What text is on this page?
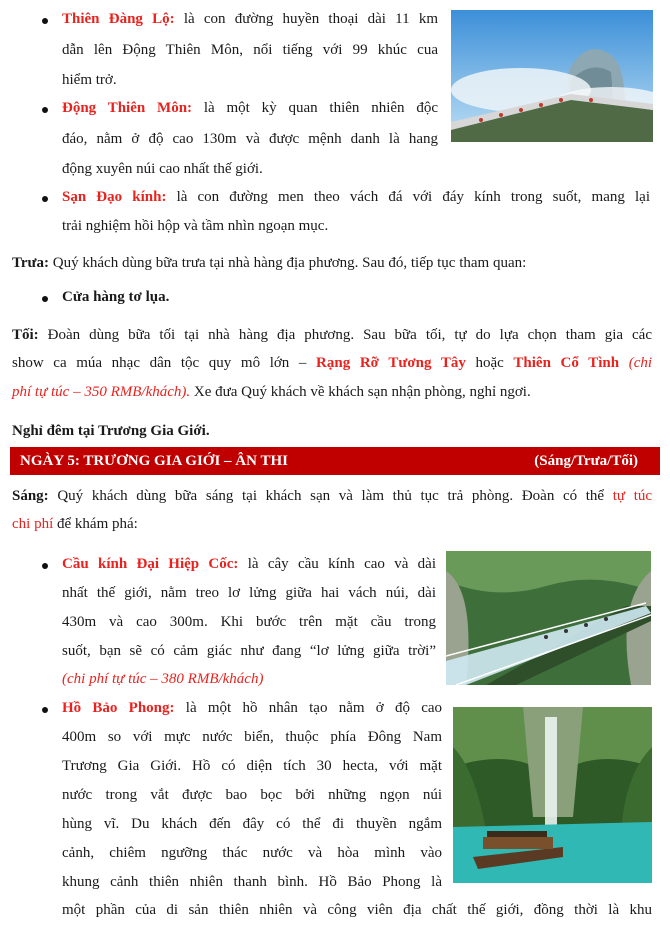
Thiên Đàng Lộ: là con đường huyền thoại dài 11 km
dẫn lên Động Thiên Môn, nổi tiếng với 99 khúc cua
hiểm trở.
Động Thiên Môn: là một kỳ quan thiên nhiên độc
đáo, nằm ở độ cao 130m và được mệnh danh là hang
động xuyên núi cao nhất thế giới.
Sạn Đạo kính: là con đường men theo vách đá với đáy kính trong suốt, mang lại
trải nghiệm hồi hộp và tầm nhìn ngoạn mục.
Trưa: Quý khách dùng bữa trưa tại nhà hàng địa phương. Sau đó, tiếp tục tham quan:
Cửa hàng tơ lụa.
Tối: Đoàn dùng bữa tối tại nhà hàng địa phương. Sau bữa tối, tự do lựa chọn tham gia các
show ca múa nhạc dân tộc quy mô lớn – Rạng Rỡ Tương Tây hoặc Thiên Cổ Tình (chi
phí tự túc – 350 RMB/khách). Xe đưa Quý khách về khách sạn nhận phòng, nghỉ ngơi.
Nghỉ đêm tại Trương Gia Giới.
NGÀY 5: TRƯƠNG GIA GIỚI – ÂN THI	(Sáng/Trưa/Tối)
Sáng: Quý khách dùng bữa sáng tại khách sạn và làm thủ tục trả phòng. Đoàn có thể tự túc
chi phí để khám phá:
Cầu kính Đại Hiệp Cốc: là cây cầu kính cao và dài
nhất thế giới, nằm treo lơ lửng giữa hai vách núi, dài
430m và cao 300m. Khi bước trên mặt cầu trong
suốt, bạn sẽ có cảm giác như đang “lơ lửng giữa trời”
(chi phí tự túc – 380 RMB/khách)
Hồ Bảo Phong: là một hồ nhân tạo nằm ở độ cao
400m so với mực nước biển, thuộc phía Đông Nam
Trương Gia Giới. Hồ có diện tích 30 hecta, với mặt
nước trong vắt được bao bọc bởi những ngọn núi
hùng vĩ. Du khách đến đây có thể đi thuyền ngắm
cảnh, chiêm ngưỡng thác nước và hòa mình vào
khung cảnh thiên nhiên thanh bình. Hồ Bảo Phong là
một phần của di sản thiên nhiên và công viên địa chất thế giới, đồng thời là khu
